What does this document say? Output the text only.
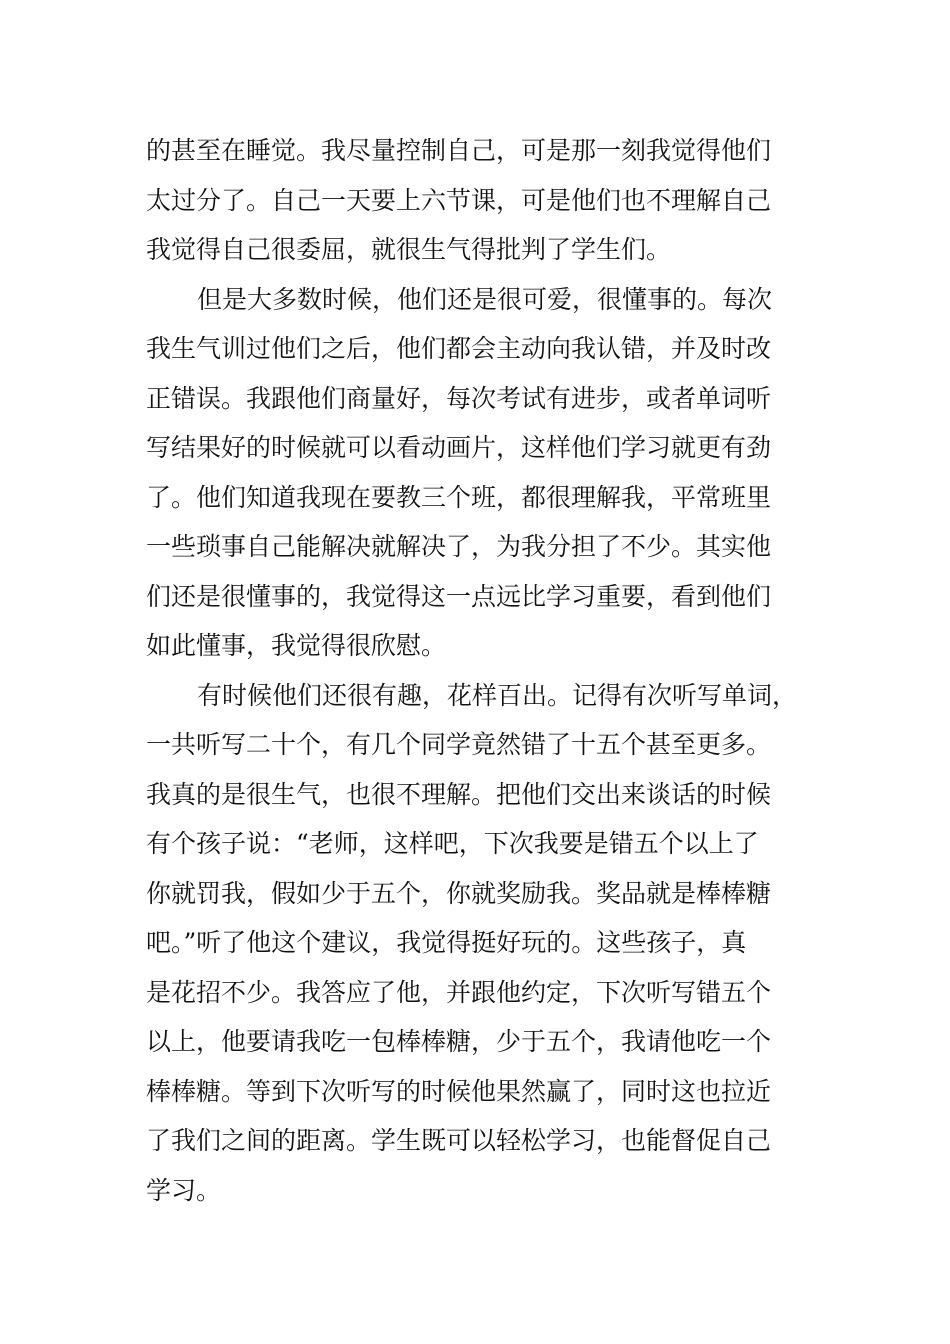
的甚至在睡觉。我尽量控制自己，可是那一刻我觉得他们
太过分了。自己一天要上六节课，可是他们也不理解自己
我觉得自己很委屈，就很生气得批判了学生们。
但是大多数时候，他们还是很可爱，很懂事的。每次
我生气训过他们之后，他们都会主动向我认错，并及时改
正错误。我跟他们商量好，每次考试有进步，或者单词听
写结果好的时候就可以看动画片，这样他们学习就更有劲
了。他们知道我现在要教三个班，都很理解我，平常班里
一些琐事自己能解决就解决了，为我分担了不少。其实他
们还是很懂事的，我觉得这一点远比学习重要，看到他们
如此懂事，我觉得很欣慰。
有时候他们还很有趣，花样百出。记得有次听写单词，
一共听写二十个，有几个同学竟然错了十五个甚至更多。
我真的是很生气，也很不理解。把他们交出来谈话的时候
有个孩子说：“老师，这样吧，下次我要是错五个以上了
你就罚我，假如少于五个，你就奖励我。奖品就是棒棒糖
吧。”听了他这个建议，我觉得挺好玩的。这些孩子，真
是花招不少。我答应了他，并跟他约定，下次听写错五个
以上，他要请我吃一包棒棒糖，少于五个，我请他吃一个
棒棒糖。等到下次听写的时候他果然赢了，同时这也拉近
了我们之间的距离。学生既可以轻松学习，也能督促自己
学习。
